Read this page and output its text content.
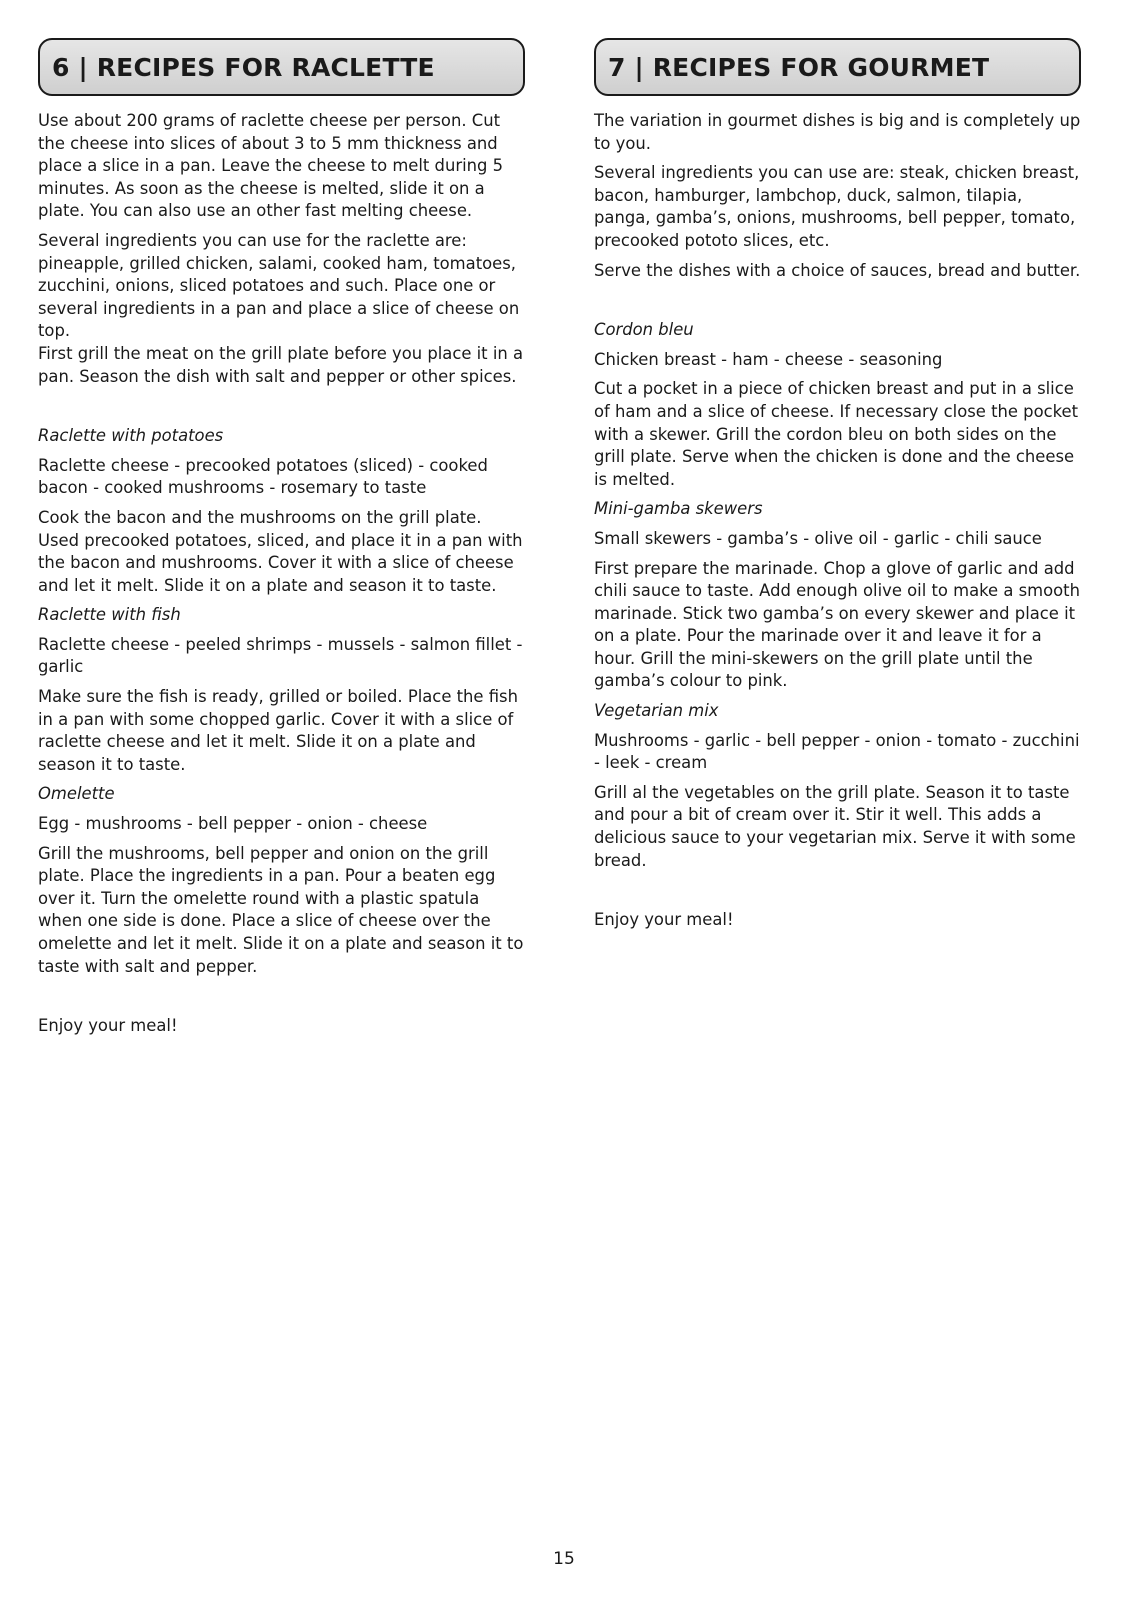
6 | RECIPES FOR RACLETTE

Use about 200 grams of raclette cheese per person. Cut the cheese into slices of about 3 to 5 mm thickness and place a slice in a pan. Leave the cheese to melt during 5 minutes. As soon as the cheese is melted, slide it on a plate. You can also use an other fast melting cheese.

Several ingredients you can use for the raclette are: pineapple, grilled chicken, salami, cooked ham, tomatoes, zucchini, onions, sliced potatoes and such. Place one or several ingredients in a pan and place a slice of cheese on top.

First grill the meat on the grill plate before you place it in a pan. Season the dish with salt and pepper or other spices.

Raclette with potatoes

Raclette cheese - precooked potatoes (sliced) - cooked bacon - cooked mushrooms - rosemary to taste

Cook the bacon and the mushrooms on the grill plate. Used precooked potatoes, sliced, and place it in a pan with the bacon and mushrooms. Cover it with a slice of cheese and let it melt. Slide it on a plate and season it to taste.

Raclette with fish

Raclette cheese - peeled shrimps - mussels - salmon fillet - garlic

Make sure the fish is ready, grilled or boiled. Place the fish in a pan with some chopped garlic. Cover it with a slice of raclette cheese and let it melt. Slide it on a plate and season it to taste.

Omelette

Egg - mushrooms - bell pepper - onion - cheese

Grill the mushrooms, bell pepper and onion on the grill plate. Place the ingredients in a pan. Pour a beaten egg over it. Turn the omelette round with a plastic spatula when one side is done. Place a slice of cheese over the omelette and let it melt. Slide it on a plate and season it to taste with salt and pepper.

Enjoy your meal!

7 | RECIPES FOR GOURMET

The variation in gourmet dishes is big and is completely up to you.

Several ingredients you can use are: steak, chicken breast, bacon, hamburger, lambchop, duck, salmon, tilapia, panga, gamba’s, onions, mushrooms, bell pepper, tomato, precooked pototo slices, etc.

Serve the dishes with a choice of sauces, bread and butter.

Cordon bleu

Chicken breast - ham - cheese - seasoning

Cut a pocket in a piece of chicken breast and put in a slice of ham and a slice of cheese. If necessary close the pocket with a skewer. Grill the cordon bleu on both sides on the grill plate. Serve when the chicken is done and the cheese is melted.

Mini-gamba skewers

Small skewers - gamba’s - olive oil - garlic - chili sauce

First prepare the marinade. Chop a glove of garlic and add chili sauce to taste. Add enough olive oil to make a smooth marinade. Stick two gamba’s on every skewer and place it on a plate. Pour the marinade over it and leave it for a hour. Grill the mini-skewers on the grill plate until the gamba’s colour to pink.

Vegetarian mix

Mushrooms - garlic - bell pepper - onion - tomato - zucchini - leek - cream

Grill al the vegetables on the grill plate. Season it to taste and pour a bit of cream over it. Stir it well. This adds a delicious sauce to your vegetarian mix. Serve it with some bread.

Enjoy your meal!

15
